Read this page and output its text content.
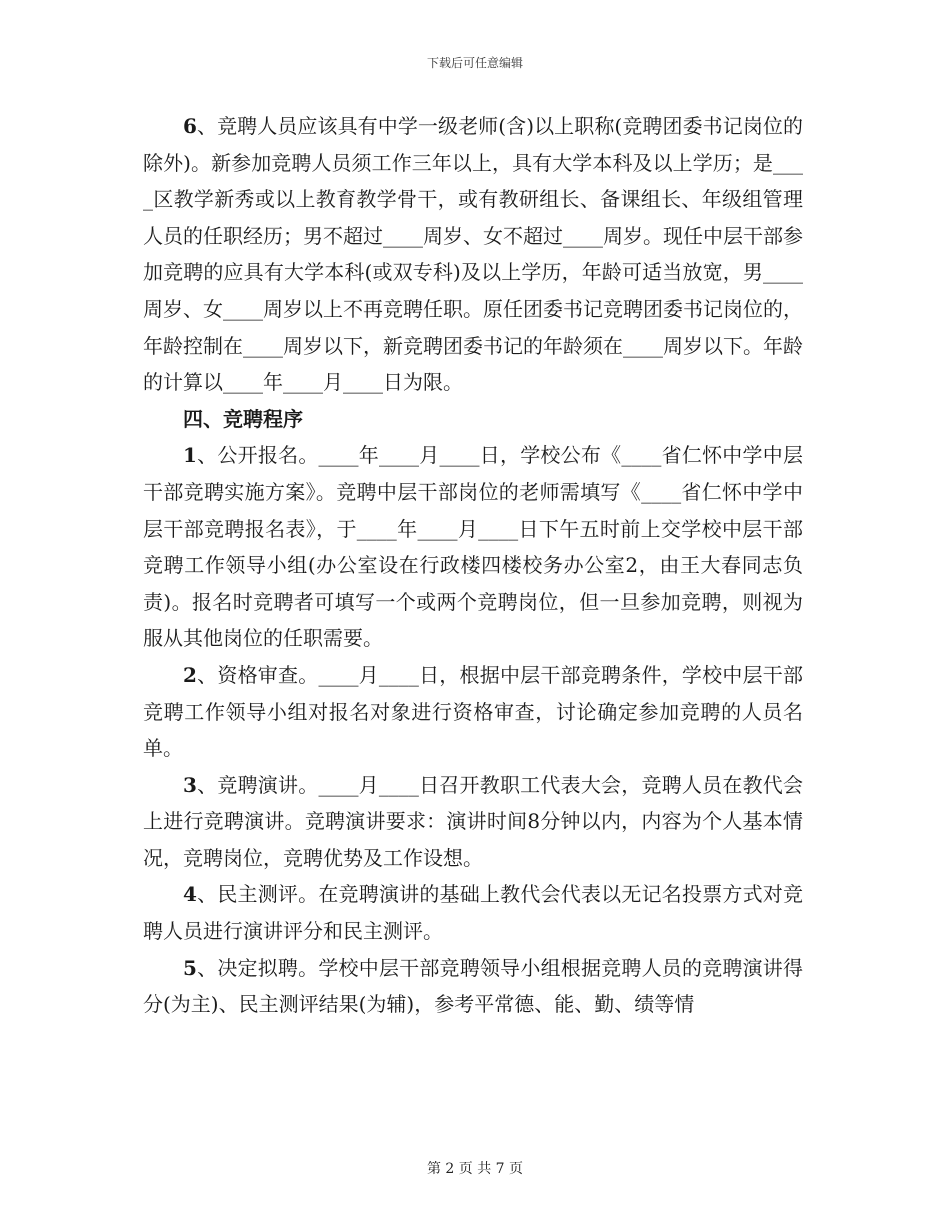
下载后可任意编辑

6、竞聘人员应该具有中学一级老师(含)以上职称(竞聘团委书记岗位的除外)。新参加竞聘人员须工作三年以上，具有大学本科及以上学历；是____区教学新秀或以上教育教学骨干，或有教研组长、备课组长、年级组管理人员的任职经历；男不超过____周岁、女不超过____周岁。现任中层干部参加竞聘的应具有大学本科(或双专科)及以上学历，年龄可适当放宽，男____周岁、女____周岁以上不再竞聘任职。原任团委书记竞聘团委书记岗位的，年龄控制在____周岁以下，新竞聘团委书记的年龄须在____周岁以下。年龄的计算以____年____月____日为限。

四、竞聘程序

1、公开报名。____年____月____日，学校公布《____省仁怀中学中层干部竞聘实施方案》。竞聘中层干部岗位的老师需填写《____省仁怀中学中层干部竞聘报名表》，于____年____月____日下午五时前上交学校中层干部竞聘工作领导小组(办公室设在行政楼四楼校务办公室2，由王大春同志负责)。报名时竞聘者可填写一个或两个竞聘岗位，但一旦参加竞聘，则视为服从其他岗位的任职需要。

2、资格审查。____月____日，根据中层干部竞聘条件，学校中层干部竞聘工作领导小组对报名对象进行资格审查，讨论确定参加竞聘的人员名单。

3、竞聘演讲。____月____日召开教职工代表大会，竞聘人员在教代会上进行竞聘演讲。竞聘演讲要求：演讲时间8分钟以内，内容为个人基本情况，竞聘岗位，竞聘优势及工作设想。

4、民主测评。在竞聘演讲的基础上教代会代表以无记名投票方式对竞聘人员进行演讲评分和民主测评。

5、决定拟聘。学校中层干部竞聘领导小组根据竞聘人员的竞聘演讲得分(为主)、民主测评结果(为辅)，参考平常德、能、勤、绩等情

第 2 页 共 7 页
